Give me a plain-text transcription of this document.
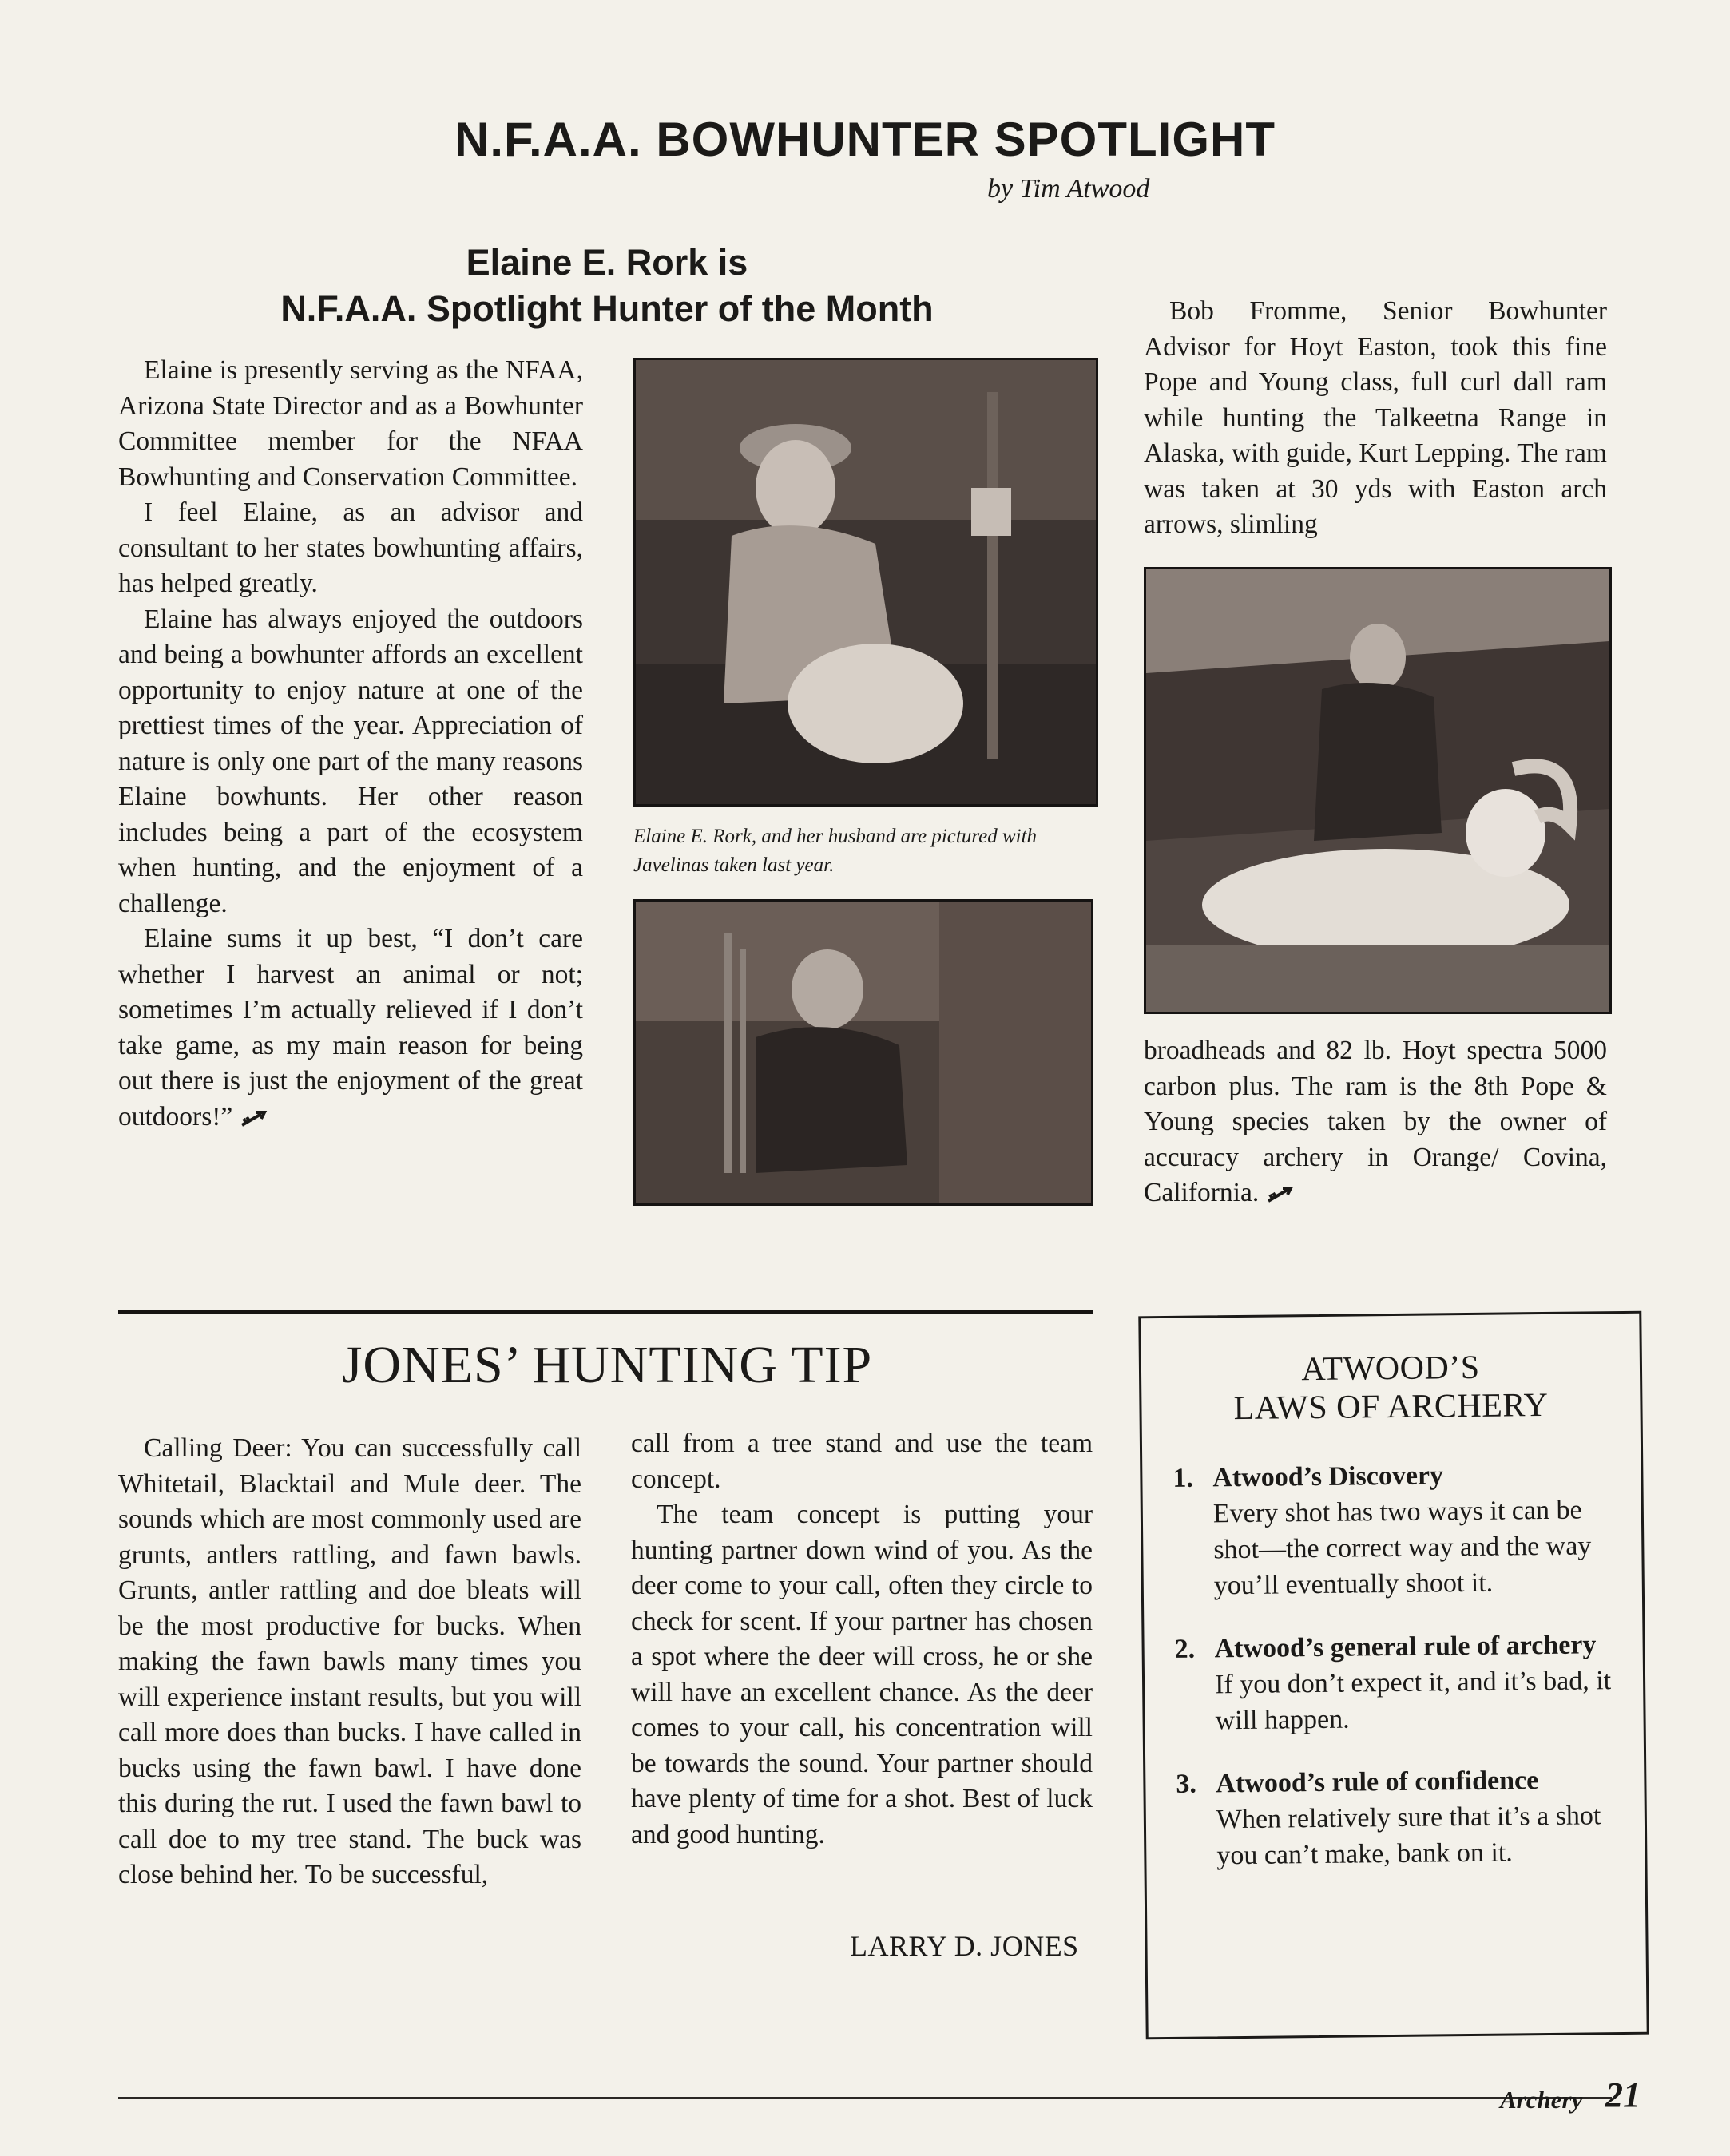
N.F.A.A. BOWHUNTER SPOTLIGHT
by Tim Atwood
Elaine E. Rork is
N.F.A.A. Spotlight Hunter of the Month

Elaine is presently serving as the NFAA, Arizona State Director and as a Bowhunter Committee member for the NFAA Bowhunting and Conservation Committee.

I feel Elaine, as an advisor and consultant to her states bowhunting affairs, has helped greatly.

Elaine has always enjoyed the outdoors and being a bowhunter affords an excellent opportunity to enjoy nature at one of the prettiest times of the year. Appreciation of nature is only one part of the many reasons Elaine bowhunts. Her other reason includes being a part of the ecosystem when hunting, and the enjoyment of a challenge.

Elaine sums it up best, “I don’t care whether I harvest an animal or not; sometimes I’m actually relieved if I don’t take game, as my main reason for being out there is just the enjoyment of the great outdoors!”

Elaine E. Rork, and her husband are pictured with Javelinas taken last year.
Bob Fromme, Senior Bowhunter Advisor for Hoyt Easton, took this fine Pope and Young class, full curl dall ram while hunting the Talkeetna Range in Alaska, with guide, Kurt Lepping. The ram was taken at 30 yds with Easton arch arrows, slimling
broadheads and 82 lb. Hoyt spectra 5000 carbon plus. The ram is the 8th Pope & Young species taken by the owner of accuracy archery in Orange/ Covina, California.
JONES’ HUNTING TIP
Calling Deer: You can successfully call Whitetail, Blacktail and Mule deer. The sounds which are most commonly used are grunts, antlers rattling, and fawn bawls. Grunts, antler rattling and doe bleats will be the most productive for bucks. When making the fawn bawls many times you will experience instant results, but you will call more does than bucks. I have called in bucks using the fawn bawl. I have done this during the rut. I used the fawn bawl to call doe to my tree stand. The buck was close behind her. To be successful,
call from a tree stand and use the team concept.

The team concept is putting your hunting partner down wind of you. As the deer come to your call, often they circle to check for scent. If your partner has chosen a spot where the deer will cross, he or she will have an excellent chance. As the deer comes to your call, his concentration will be towards the sound. Your partner should have plenty of time for a shot. Best of luck and good hunting.

LARRY D. JONES
ATWOOD’S
LAWS OF ARCHERY
1. Atwood’s Discovery
Every shot has two ways it can be shot—the correct way and the way you’ll eventually shoot it.
2. Atwood’s general rule of archery
If you don’t expect it, and it’s bad, it will happen.
3. Atwood’s rule of confidence
When relatively sure that it’s a shot you can’t make, bank on it.
Archery 21
